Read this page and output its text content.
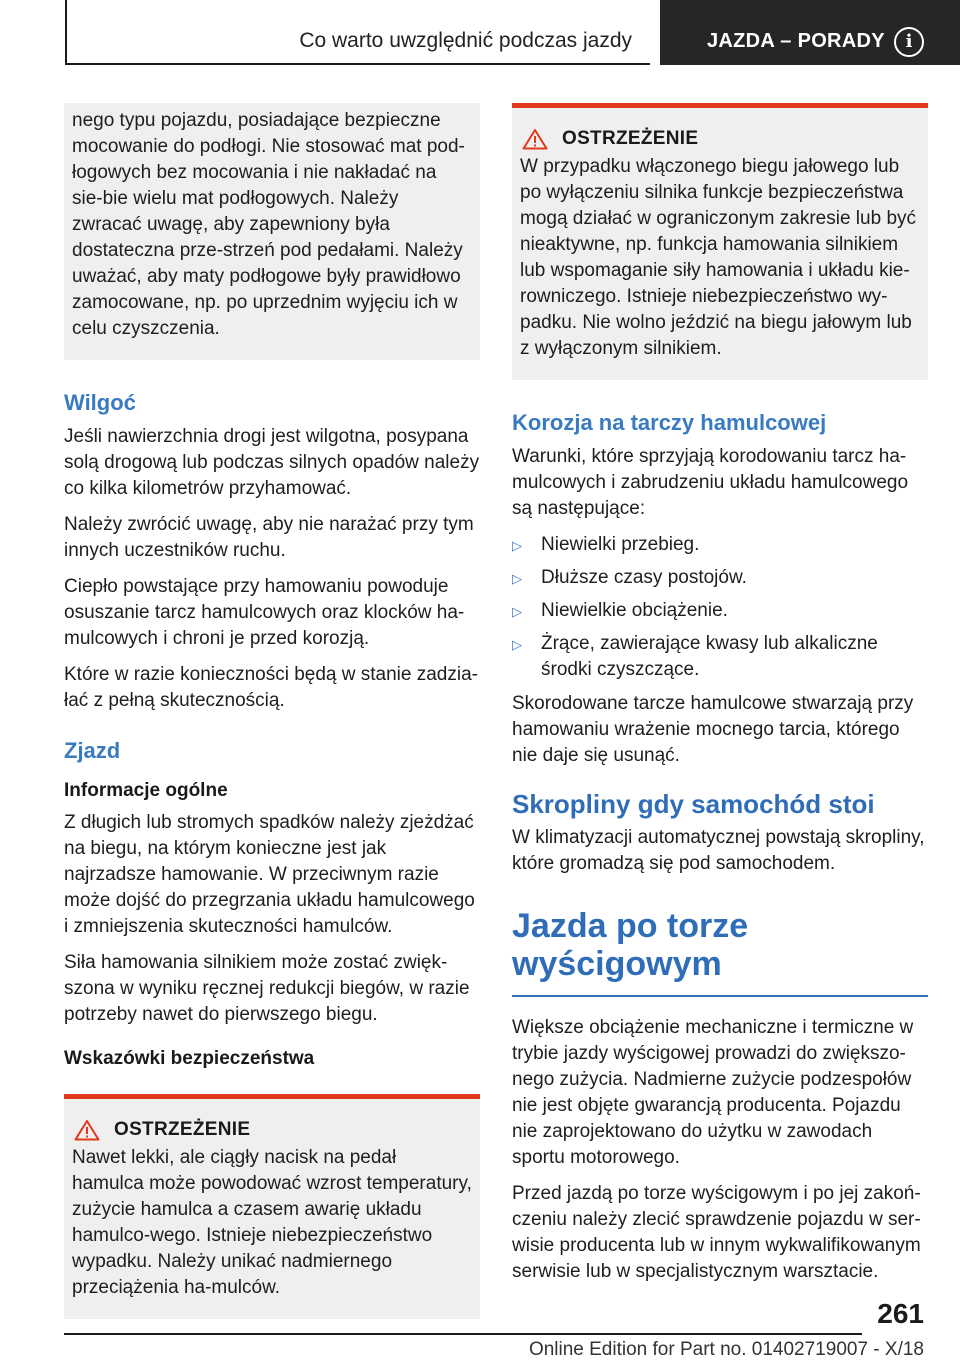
Co warto uwzględnić podczas jazdy	JAZDA – PORADY	i

nego typu pojazdu, posiadające bezpieczne mocowanie do podłogi. Nie stosować mat pod-łogowych bez mocowania i nie nakładać na sie-bie wielu mat podłogowych. Należy zwracać uwagę, aby zapewniony była dostateczna prze-strzeń pod pedałami. Należy uważać, aby maty podłogowe były prawidłowo zamocowane, np. po uprzednim wyjęciu ich w celu czyszczenia.

Wilgoć

Jeśli nawierzchnia drogi jest wilgotna, posypana solą drogową lub podczas silnych opadów należy co kilka kilometrów przyhamować.

Należy zwrócić uwagę, aby nie narażać przy tym innych uczestników ruchu.

Ciepło powstające przy hamowaniu powoduje osuszanie tarcz hamulcowych oraz klocków ha-mulcowych i chroni je przed korozją.

Które w razie konieczności będą w stanie zadzia-łać z pełną skutecznością.

Zjazd
Informacje ogólne

Z długich lub stromych spadków należy zjeżdżać na biegu, na którym konieczne jest jak najrzadsze hamowanie. W przeciwnym razie może dojść do przegrzania układu hamulcowego i zmniejszenia skuteczności hamulców.

Siła hamowania silnikiem może zostać zwięk-szona w wyniku ręcznej redukcji biegów, w razie potrzeby nawet do pierwszego biegu.

Wskazówki bezpieczeństwa
OSTRZEŻENIE

Nawet lekki, ale ciągły nacisk na pedał hamulca może powodować wzrost temperatury, zużycie hamulca a czasem awarię układu hamulco-wego. Istnieje niebezpieczeństwo wypadku. Należy unikać nadmiernego przeciążenia ha-mulców.

OSTRZEŻENIE

W przypadku włączonego biegu jałowego lub po wyłączeniu silnika funkcje bezpieczeństwa mogą działać w ograniczonym zakresie lub być nieaktywne, np. funkcja hamowania silnikiem lub wspomaganie siły hamowania i układu kie-rowniczego. Istnieje niebezpieczeństwo wy-padku. Nie wolno jeździć na biegu jałowym lub z wyłączonym silnikiem.

Korozja na tarczy hamulcowej

Warunki, które sprzyjają korodowaniu tarcz ha-mulcowych i zabrudzeniu układu hamulcowego są następujące:

▷	Niewielki przebieg.
▷	Dłuższe czasy postojów.
▷	Niewielkie obciążenie.
▷	Żrące, zawierające kwasy lub alkaliczne środki czyszczące.

Skorodowane tarcze hamulcowe stwarzają przy hamowaniu wrażenie mocnego tarcia, którego nie daje się usunąć.

Skropliny gdy samochód stoi

W klimatyzacji automatycznej powstają skropliny, które gromadzą się pod samochodem.

Jazda po torze wyścigowym

Większe obciążenie mechaniczne i termiczne w trybie jazdy wyścigowej prowadzi do zwiększo-nego zużycia. Nadmierne zużycie podzespołów nie jest objęte gwarancją producenta. Pojazdu nie zaprojektowano do użytku w zawodach sportu motorowego.

Przed jazdą po torze wyścigowym i po jej zakoń-czeniu należy zlecić sprawdzenie pojazdu w ser-wisie producenta lub w innym wykwalifikowanym serwisie lub w specjalistycznym warsztacie.

261
Online Edition for Part no. 01402719007 - X/18
